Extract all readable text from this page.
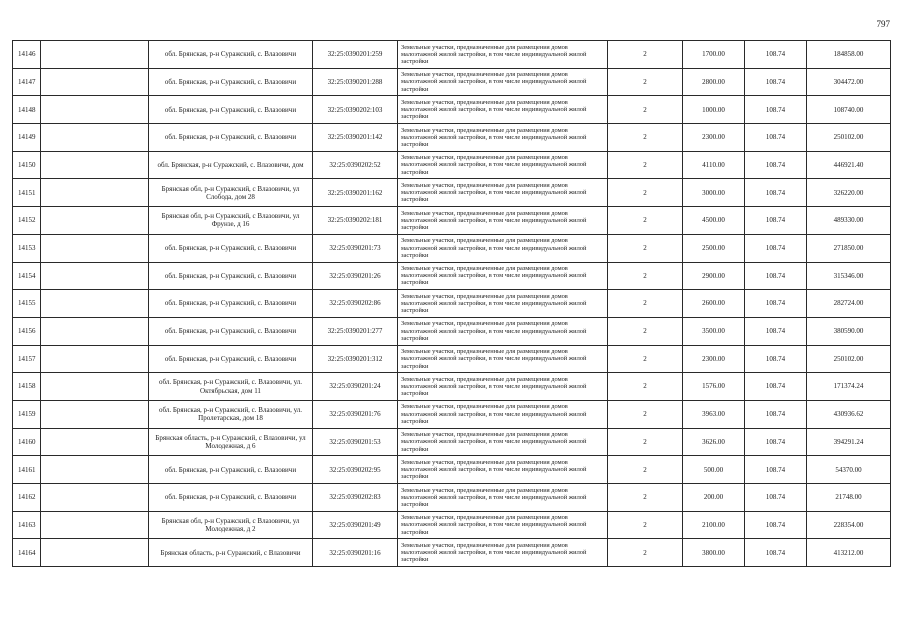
797
14146		обл. Брянская, р-н Суражский, с. Влазовичи	32:25:0390201:259	Земельные участки, предназначенные для размещения домов малоэтажной жилой застройки, в том числе индивидуальной жилой застройки	2	1700.00	108.74	184858.00
14147		обл. Брянская, р-н Суражский, с. Влазовичи	32:25:0390201:288	Земельные участки, предназначенные для размещения домов малоэтажной жилой застройки, в том числе индивидуальной жилой застройки	2	2800.00	108.74	304472.00
14148		обл. Брянская, р-н Суражский, с. Влазовичи	32:25:0390202:103	Земельные участки, предназначенные для размещения домов малоэтажной жилой застройки, в том числе индивидуальной жилой застройки	2	1000.00	108.74	108740.00
14149		обл. Брянская, р-н Суражский, с. Влазовичи	32:25:0390201:142	Земельные участки, предназначенные для размещения домов малоэтажной жилой застройки, в том числе индивидуальной жилой застройки	2	2300.00	108.74	250102.00
14150		обл. Брянская, р-н Суражский, с. Влазовичи, дом	32:25:0390202:52	Земельные участки, предназначенные для размещения домов малоэтажной жилой застройки, в том числе индивидуальной жилой застройки	2	4110.00	108.74	446921.40
14151		Брянская обл, р-н Суражский, с Влазовичи, ул Слобода, дом 28	32:25:0390201:162	Земельные участки, предназначенные для размещения домов малоэтажной жилой застройки, в том числе индивидуальной жилой застройки	2	3000.00	108.74	326220.00
14152		Брянская обл, р-н Суражский, с Влазовичи, ул Фрунзе, д 16	32:25:0390202:181	Земельные участки, предназначенные для размещения домов малоэтажной жилой застройки, в том числе индивидуальной жилой застройки	2	4500.00	108.74	489330.00
14153		обл. Брянская, р-н Суражский, с. Влазовичи	32:25:0390201:73	Земельные участки, предназначенные для размещения домов малоэтажной жилой застройки, в том числе индивидуальной жилой застройки	2	2500.00	108.74	271850.00
14154		обл. Брянская, р-н Суражский, с. Влазовичи	32:25:0390201:26	Земельные участки, предназначенные для размещения домов малоэтажной жилой застройки, в том числе индивидуальной жилой застройки	2	2900.00	108.74	315346.00
14155		обл. Брянская, р-н Суражский, с. Влазовичи	32:25:0390202:86	Земельные участки, предназначенные для размещения домов малоэтажной жилой застройки, в том числе индивидуальной жилой застройки	2	2600.00	108.74	282724.00
14156		обл. Брянская, р-н Суражский, с. Влазовичи	32:25:0390201:277	Земельные участки, предназначенные для размещения домов малоэтажной жилой застройки, в том числе индивидуальной жилой застройки	2	3500.00	108.74	380590.00
14157		обл. Брянская, р-н Суражский, с. Влазовичи	32:25:0390201:312	Земельные участки, предназначенные для размещения домов малоэтажной жилой застройки, в том числе индивидуальной жилой застройки	2	2300.00	108.74	250102.00
14158		обл. Брянская, р-н Суражский, с. Влазовичи, ул. Октябрьская, дом 11	32:25:0390201:24	Земельные участки, предназначенные для размещения домов малоэтажной жилой застройки, в том числе индивидуальной жилой застройки	2	1576.00	108.74	171374.24
14159		обл. Брянская, р-н Суражский, с. Влазовичи, ул. Пролетарская, дом 18	32:25:0390201:76	Земельные участки, предназначенные для размещения домов малоэтажной жилой застройки, в том числе индивидуальной жилой застройки	2	3963.00	108.74	430936.62
14160		Брянская область, р-н Суражский, с Влазовичи, ул Молодежная, д 6	32:25:0390201:53	Земельные участки, предназначенные для размещения домов малоэтажной жилой застройки, в том числе индивидуальной жилой застройки	2	3626.00	108.74	394291.24
14161		обл. Брянская, р-н Суражский, с. Влазовичи	32:25:0390202:95	Земельные участки, предназначенные для размещения домов малоэтажной жилой застройки, в том числе индивидуальной жилой застройки	2	500.00	108.74	54370.00
14162		обл. Брянская, р-н Суражский, с. Влазовичи	32:25:0390202:83	Земельные участки, предназначенные для размещения домов малоэтажной жилой застройки, в том числе индивидуальной жилой застройки	2	200.00	108.74	21748.00
14163		Брянская обл, р-н Суражский, с Влазовичи, ул Молодежная, д 2	32:25:0390201:49	Земельные участки, предназначенные для размещения домов малоэтажной жилой застройки, в том числе индивидуальной жилой застройки	2	2100.00	108.74	228354.00
14164		Брянская область, р-н Суражский, с Влазовичи	32:25:0390201:16	Земельные участки, предназначенные для размещения домов малоэтажной жилой застройки, в том числе индивидуальной жилой застройки	2	3800.00	108.74	413212.00
